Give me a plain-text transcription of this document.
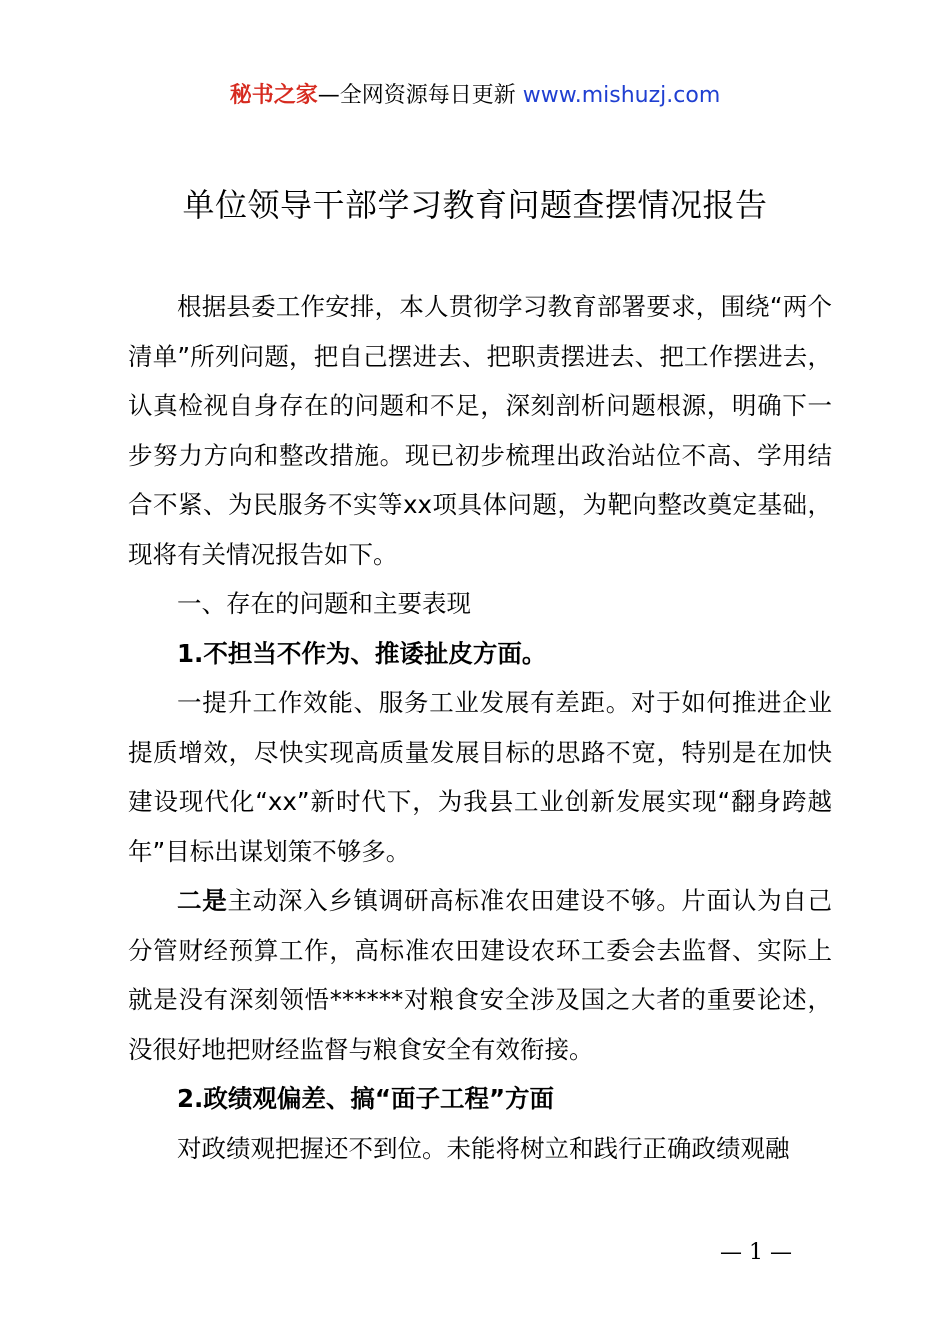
秘书之家—全网资源每日更新 www.mishuzj.com
单位领导干部学习教育问题查摆情况报告

根据县委工作安排，本人贯彻学习教育部署要求，围绕“两个清单”所列问题，把自己摆进去、把职责摆进去、把工作摆进去，认真检视自身存在的问题和不足，深刻剖析问题根源，明确下一步努力方向和整改措施。现已初步梳理出政治站位不高、学用结合不紧、为民服务不实等xx项具体问题，为靶向整改奠定基础，现将有关情况报告如下。

一、存在的问题和主要表现

1.不担当不作为、推诿扯皮方面。

一提升工作效能、服务工业发展有差距。对于如何推进企业提质增效，尽快实现高质量发展目标的思路不宽，特别是在加快建设现代化“xx”新时代下，为我县工业创新发展实现“翻身跨越年”目标出谋划策不够多。

二是主动深入乡镇调研高标准农田建设不够。片面认为自己分管财经预算工作，高标准农田建设农环工委会去监督、实际上就是没有深刻领悟******对粮食安全涉及国之大者的重要论述，没很好地把财经监督与粮食安全有效衔接。

2.政绩观偏差、搞“面子工程”方面

对政绩观把握还不到位。未能将树立和践行正确政绩观融

— 1 —
